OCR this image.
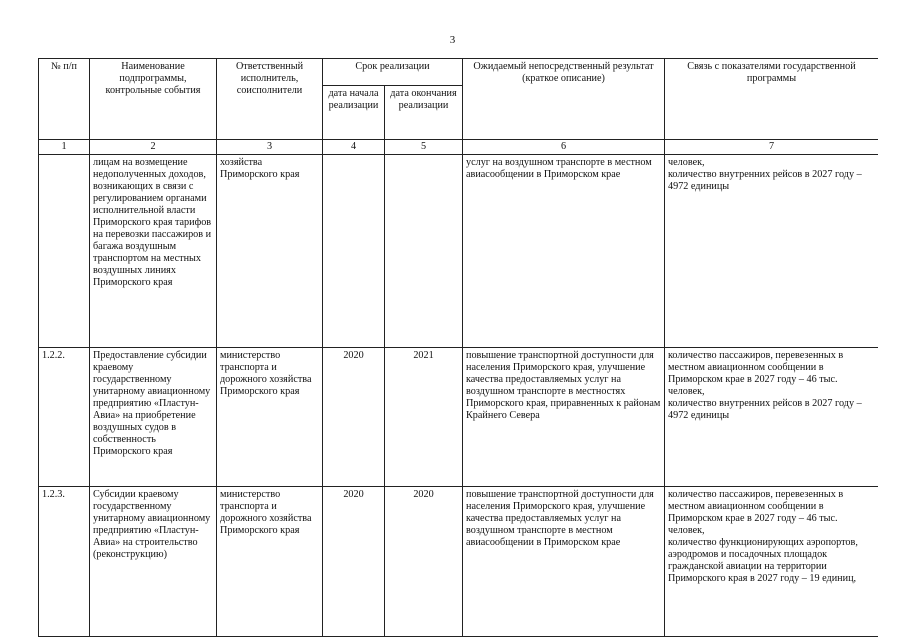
3
№ п/п	Наименование подпрограммы, контрольные события	Ответственный исполнитель, соисполнители	Срок реализации		Ожидаемый непосредственный результат (краткое описание)	Связь с показателями государственной программы
			дата начала реализации	дата окончания реализации		
1	2	3	4	5	6	7
	лицам на возмещение недополученных доходов, возникающих в связи с регулированием органами исполнительной власти Приморского края тарифов на перевозки пассажиров и багажа воздушным транспортом на местных воздушных линиях Приморского края	хозяйства Приморского края			услуг на воздушном транспорте в местном авиасообщении в Приморском крае	человек,
количество внутренних рейсов в 2027 году – 4972 единицы
1.2.2.	Предоставление субсидии краевому государственному унитарному авиационному предприятию «Пластун-Авиа» на приобретение воздушных судов в собственность Приморского края	министерство транспорта и дорожного хозяйства Приморского края	2020	2021	повышение транспортной доступности для населения Приморского края, улучшение качества предоставляемых услуг на воздушном транспорте в местностях Приморского края, приравненных к районам Крайнего Севера	количество пассажиров, перевезенных в местном авиационном сообщении в Приморском крае в 2027 году – 46 тыс. человек,
количество внутренних рейсов в 2027 году – 4972 единицы
1.2.3.	Субсидии краевому государственному унитарному авиационному предприятию «Пластун-Авиа» на строительство (реконструкцию)	министерство транспорта и дорожного хозяйства Приморского края	2020	2020	повышение транспортной доступности для населения Приморского края, улучшение качества предоставляемых услуг на воздушном транспорте в местном авиасообщении в Приморском крае	количество пассажиров, перевезенных в местном авиационном сообщении в Приморском крае в 2027 году – 46 тыс. человек,
количество функционирующих аэропортов, аэродромов и посадочных площадок гражданской авиации на территории Приморского края в 2027 году – 19 единиц,
